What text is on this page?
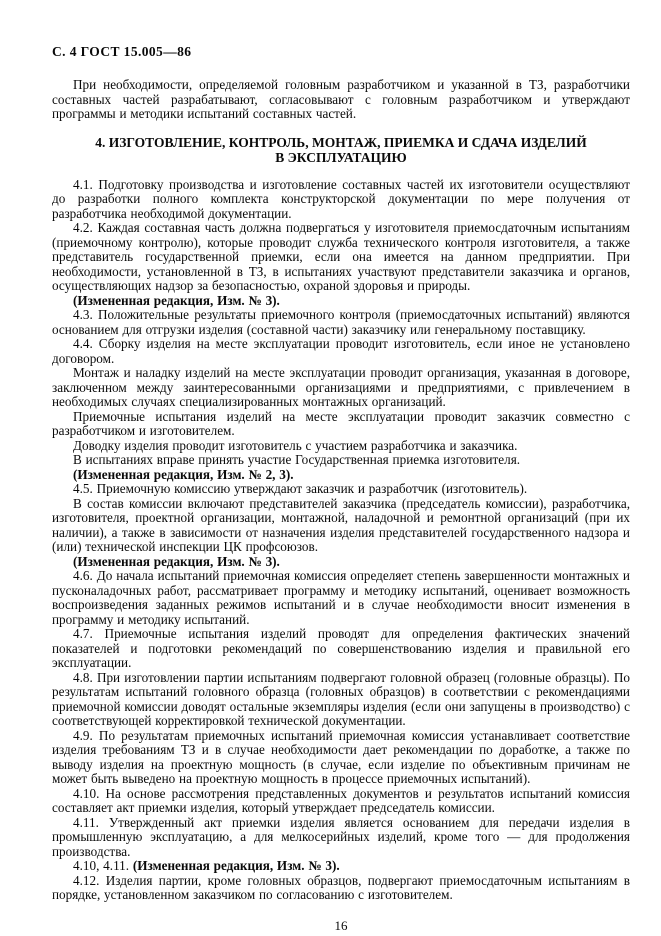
С. 4 ГОСТ 15.005—86

При необходимости, определяемой головным разработчиком и указанной в ТЗ, разработчики составных частей разрабатывают, согласовывают с головным разработчиком и утверждают программы и методики испытаний составных частей.

4. ИЗГОТОВЛЕНИЕ, КОНТРОЛЬ, МОНТАЖ, ПРИЕМКА И СДАЧА ИЗДЕЛИЙ
В ЭКСПЛУАТАЦИЮ

4.1. Подготовку производства и изготовление составных частей их изготовители осуществляют до разработки полного комплекта конструкторской документации по мере получения от разработчика необходимой документации.

4.2. Каждая составная часть должна подвергаться у изготовителя приемосдаточным испытаниям (приемочному контролю), которые проводит служба технического контроля изготовителя, а также представитель государственной приемки, если она имеется на данном предприятии. При необходимости, установленной в ТЗ, в испытаниях участвуют представители заказчика и органов, осуществляющих надзор за безопасностью, охраной здоровья и природы.

(Измененная редакция, Изм. № 3).

4.3. Положительные результаты приемочного контроля (приемосдаточных испытаний) являются основанием для отгрузки изделия (составной части) заказчику или генеральному поставщику.

4.4. Сборку изделия на месте эксплуатации проводит изготовитель, если иное не установлено договором.

Монтаж и наладку изделий на месте эксплуатации проводит организация, указанная в договоре, заключенном между заинтересованными организациями и предприятиями, с привлечением в необходимых случаях специализированных монтажных организаций.

Приемочные испытания изделий на месте эксплуатации проводит заказчик совместно с разработчиком и изготовителем.

Доводку изделия проводит изготовитель с участием разработчика и заказчика.

В испытаниях вправе принять участие Государственная приемка изготовителя.

(Измененная редакция, Изм. № 2, 3).

4.5. Приемочную комиссию утверждают заказчик и разработчик (изготовитель).

В состав комиссии включают представителей заказчика (председатель комиссии), разработчика, изготовителя, проектной организации, монтажной, наладочной и ремонтной организаций (при их наличии), а также в зависимости от назначения изделия представителей государственного надзора и (или) технической инспекции ЦК профсоюзов.

(Измененная редакция, Изм. № 3).

4.6. До начала испытаний приемочная комиссия определяет степень завершенности монтажных и пусконаладочных работ, рассматривает программу и методику испытаний, оценивает возможность воспроизведения заданных режимов испытаний и в случае необходимости вносит изменения в программу и методику испытаний.

4.7. Приемочные испытания изделий проводят для определения фактических значений показателей и подготовки рекомендаций по совершенствованию изделия и правильной его эксплуатации.

4.8. При изготовлении партии испытаниям подвергают головной образец (головные образцы). По результатам испытаний головного образца (головных образцов) в соответствии с рекомендациями приемочной комиссии доводят остальные экземпляры изделия (если они запущены в производство) с соответствующей корректировкой технической документации.

4.9. По результатам приемочных испытаний приемочная комиссия устанавливает соответствие изделия требованиям ТЗ и в случае необходимости дает рекомендации по доработке, а также по выводу изделия на проектную мощность (в случае, если изделие по объективным причинам не может быть выведено на проектную мощность в процессе приемочных испытаний).

4.10. На основе рассмотрения представленных документов и результатов испытаний комиссия составляет акт приемки изделия, который утверждает председатель комиссии.

4.11. Утвержденный акт приемки изделия является основанием для передачи изделия в промышленную эксплуатацию, а для мелкосерийных изделий, кроме того — для продолжения производства.

4.10, 4.11. (Измененная редакция, Изм. № 3).

4.12. Изделия партии, кроме головных образцов, подвергают приемосдаточным испытаниям в порядке, установленном заказчиком по согласованию с изготовителем.

16
